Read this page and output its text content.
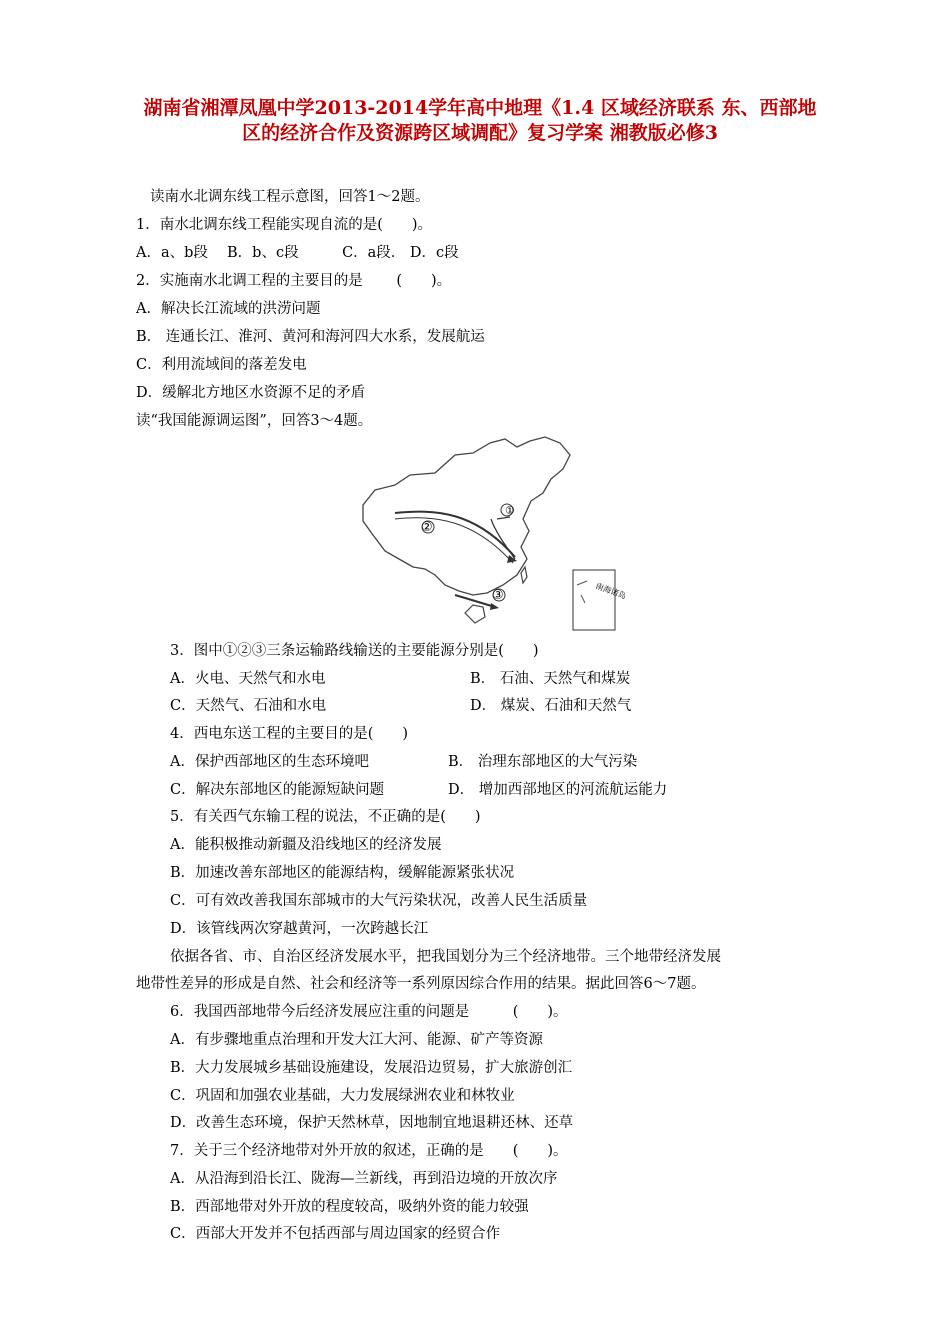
湖南省湘潭凤凰中学2013-2014学年高中地理《1.4 区域经济联系 东、西部地区的经济合作及资源跨区域调配》复习学案 湘教版必修3
读南水北调东线工程示意图，回答1～2题。
1．南水北调东线工程能实现自流的是(　　)。
A．a、b段　 B．b、c段　　　C．a段． D．c段
2．实施南水北调工程的主要目的是　　 (　　)。
A．解决长江流域的洪涝问题
B． 连通长江、淮河、黄河和海河四大水系，发展航运
C．利用流域间的落差发电
D．缓解北方地区水资源不足的矛盾
读“我国能源调运图”，回答3～4题。
①
②
③	南海诸岛
3．图中①②③三条运输路线输送的主要能源分别是(　　)
A．火电、天然气和水电	B． 石油、天然气和煤炭
C．天然气、石油和水电	D． 煤炭、石油和天然气
4．西电东送工程的主要目的是(　　)
A．保护西部地区的生态环境吧	B． 治理东部地区的大气污染
C．解决东部地区的能源短缺问题	D． 增加西部地区的河流航运能力
5．有关西气东输工程的说法，不正确的是(　　)
A．能积极推动新疆及沿线地区的经济发展
B．加速改善东部地区的能源结构，缓解能源紧张状况
C．可有效改善我国东部城市的大气污染状况，改善人民生活质量
D．该管线两次穿越黄河，一次跨越长江
依据各省、市、自治区经济发展水平，把我国划分为三个经济地带。三个地带经济发展
地带性差异的形成是自然、社会和经济等一系列原因综合作用的结果。据此回答6～7题。
6．我国西部地带今后经济发展应注重的问题是　　　(　　)。
A．有步骤地重点治理和开发大江大河、能源、矿产等资源
B．大力发展城乡基础设施建设，发展沿边贸易，扩大旅游创汇
C．巩固和加强农业基础，大力发展绿洲农业和林牧业
D．改善生态环境，保护天然林草，因地制宜地退耕还林、还草
7．关于三个经济地带对外开放的叙述，正确的是　　(　　)。
A．从沿海到沿长江、陇海—兰新线，再到沿边境的开放次序
B．西部地带对外开放的程度较高，吸纳外资的能力较强
C．西部大开发并不包括西部与周边国家的经贸合作
